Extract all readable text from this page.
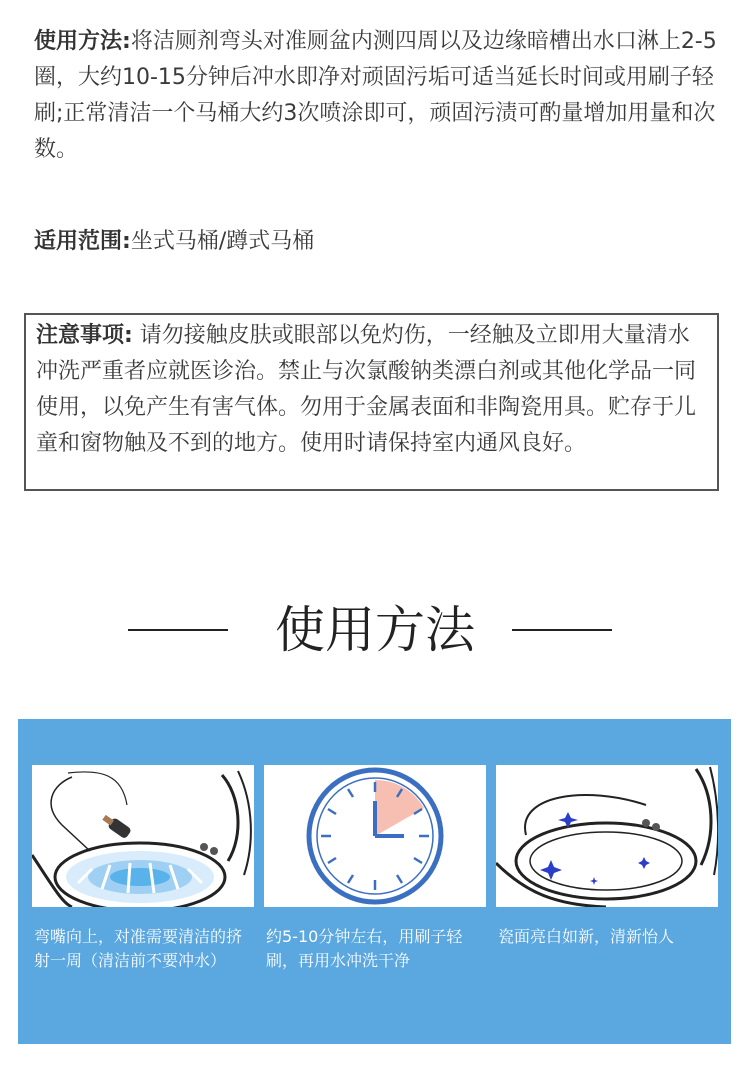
使用方法:将洁厕剂弯头对准厕盆内测四周以及边缘暗槽出水口淋上2-5圈，大约10-15分钟后冲水即净对顽固污垢可适当延长时间或用刷子轻刷;正常清洁一个马桶大约3次喷涂即可，顽固污渍可酌量增加用量和次数。

适用范围:坐式马桶/蹲式马桶

注意事项: 请勿接触皮肤或眼部以免灼伤，一经触及立即用大量清水冲洗严重者应就医诊治。禁止与次氯酸钠类漂白剂或其他化学品一同使用，以免产生有害气体。勿用于金属表面和非陶瓷用具。贮存于儿童和窗物触及不到的地方。使用时请保持室内通风良好。

使用方法
弯嘴向上，对准需要清洁的挤射一周（清洁前不要冲水）
约5-10分钟左右，用刷子轻刷，再用水冲洗干净
瓷面亮白如新，清新怡人
